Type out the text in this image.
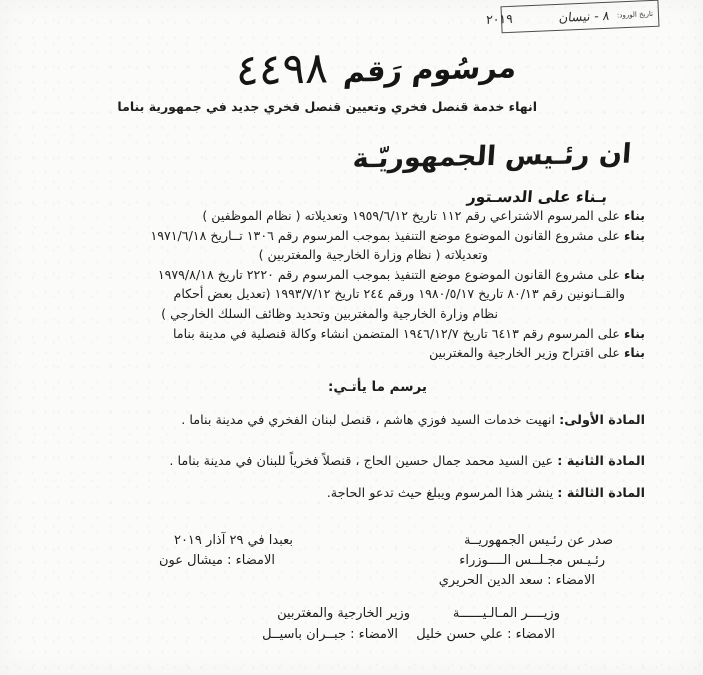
تاريخ الورود:
٨ - نيسان
٢٠١٩
مرسُوم رَقم
٤٤٩٨
انهاء خدمة قنصل فخري وتعيين قنصل فخري جديد في جمهورية بناما
ان رئـيس الجمهوريّـة
بـناء على الدسـتور
بناء على المرسوم الاشتراعي رقم ١١٢ تاريخ ١٩٥٩/٦/١٢ وتعديلاته ( نظام الموظفين )
بناء على مشروع القانون الموضوع موضع التنفيذ بموجب المرسوم رقم ١٣٠٦ تــاريخ ١٩٧١/٦/١٨
وتعديلاته ( نظام وزارة الخارجية والمغتربين )
بناء على مشروع القانون الموضوع موضع التنفيذ بموجب المرسوم رقم ٢٢٢٠ تاريخ ١٩٧٩/٨/١٨
والقــانونين رقم ٨٠/١٣ تاريخ ١٩٨٠/٥/١٧ ورقم ٢٤٤ تاريخ ١٩٩٣/٧/١٢ (تعديل بعض أحكام
نظام وزارة الخارجية والمغتربين وتحديد وظائف السلك الخارجي )
بناء على المرسوم رقم ٦٤١٣ تاريخ ١٩٤٦/١٢/٧ المتضمن انشاء وكالة قنصلية في مدينة بناما
بناء على اقتراح وزير الخارجية والمغتربين
يرسم ما يأتـي:
المادة الأولى: انهيت خدمات السيد فوزي هاشم ، قنصل لبنان الفخري في مدينة بناما .
المادة الثانية : عين السيد محمد جمال حسين الحاج ، قنصلاً فخرياً للبنان في مدينة بناما .
المادة الثالثة : ينشر هذا المرسوم ويبلغ حيث تدعو الحاجة.
صدر عن رئـيس الجمهوريــة
رئـيـس مجـلــس الــــوزراء
الامضاء : سعد الدين الحريري
بعبدا في ٢٩ آذار ٢٠١٩
الامضاء : ميشال عون
وزيــــر المـالـيــــــة
الامضاء : علي حسن خليل
وزير الخارجية والمغتربين
الامضاء : جبــران باسيــل
